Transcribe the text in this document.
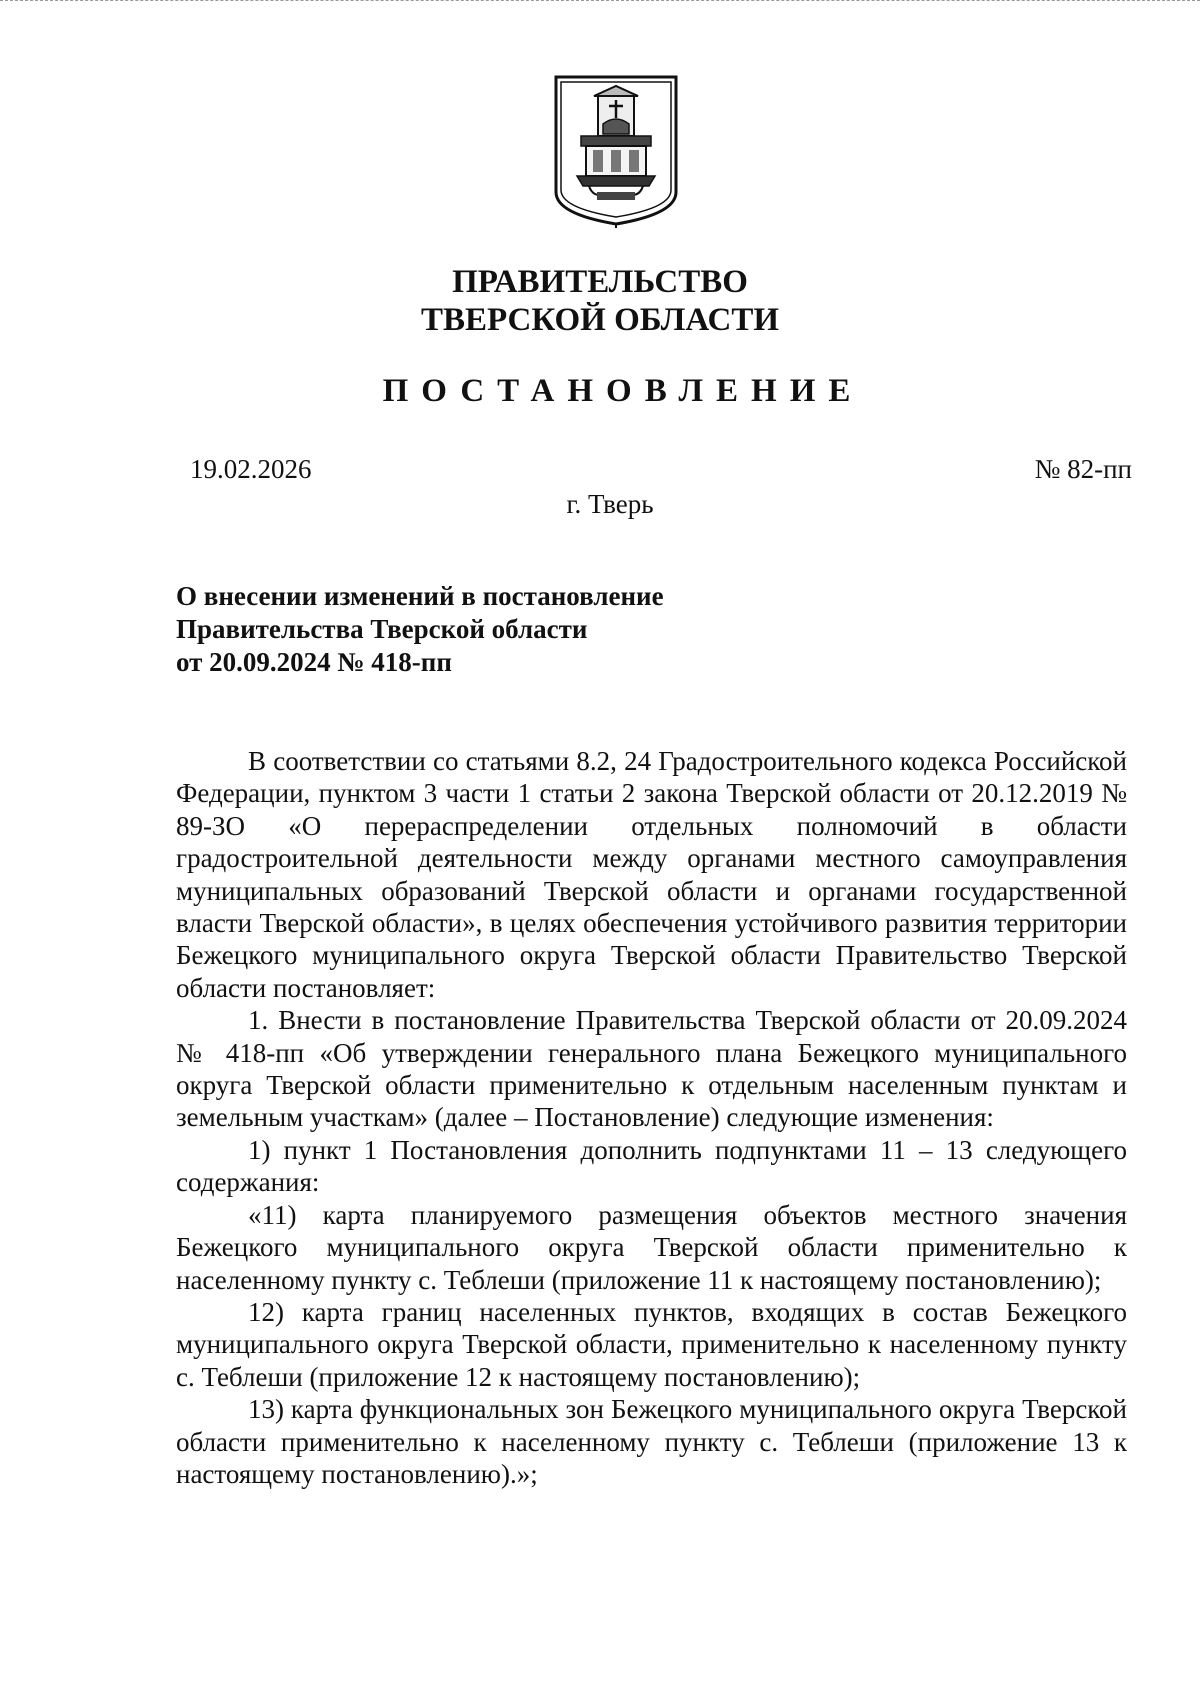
ПРАВИТЕЛЬСТВО
ТВЕРСКОЙ ОБЛАСТИ
ПОСТАНОВЛЕНИЕ
19.02.2026	№ 82-пп
г. Тверь
О внесении изменений в постановление
Правительства Тверской области
от 20.09.2024 № 418-пп

В соответствии со статьями 8.2, 24 Градостроительного кодекса Российской Федерации, пунктом 3 части 1 статьи 2 закона Тверской области от 20.12.2019 № 89-ЗО «О перераспределении отдельных полномочий в области градостроительной деятельности между органами местного самоуправления муниципальных образований Тверской области и органами государственной власти Тверской области», в целях обеспечения устойчивого развития территории Бежецкого муниципального округа Тверской области Правительство Тверской области постановляет:

1. Внести в постановление Правительства Тверской области от 20.09.2024 № 418-пп «Об утверждении генерального плана Бежецкого муниципального округа Тверской области применительно к отдельным населенным пунктам и земельным участкам» (далее – Постановление) следующие изменения:

1) пункт 1 Постановления дополнить подпунктами 11 – 13 следующего содержания:

«11) карта планируемого размещения объектов местного значения Бежецкого муниципального округа Тверской области применительно к населенному пункту с. Теблеши (приложение 11 к настоящему постановлению);

12) карта границ населенных пунктов, входящих в состав Бежецкого муниципального округа Тверской области, применительно к населенному пункту с. Теблеши (приложение 12 к настоящему постановлению);

13) карта функциональных зон Бежецкого муниципального округа Тверской области применительно к населенному пункту с. Теблеши (приложение 13 к настоящему постановлению).»;
